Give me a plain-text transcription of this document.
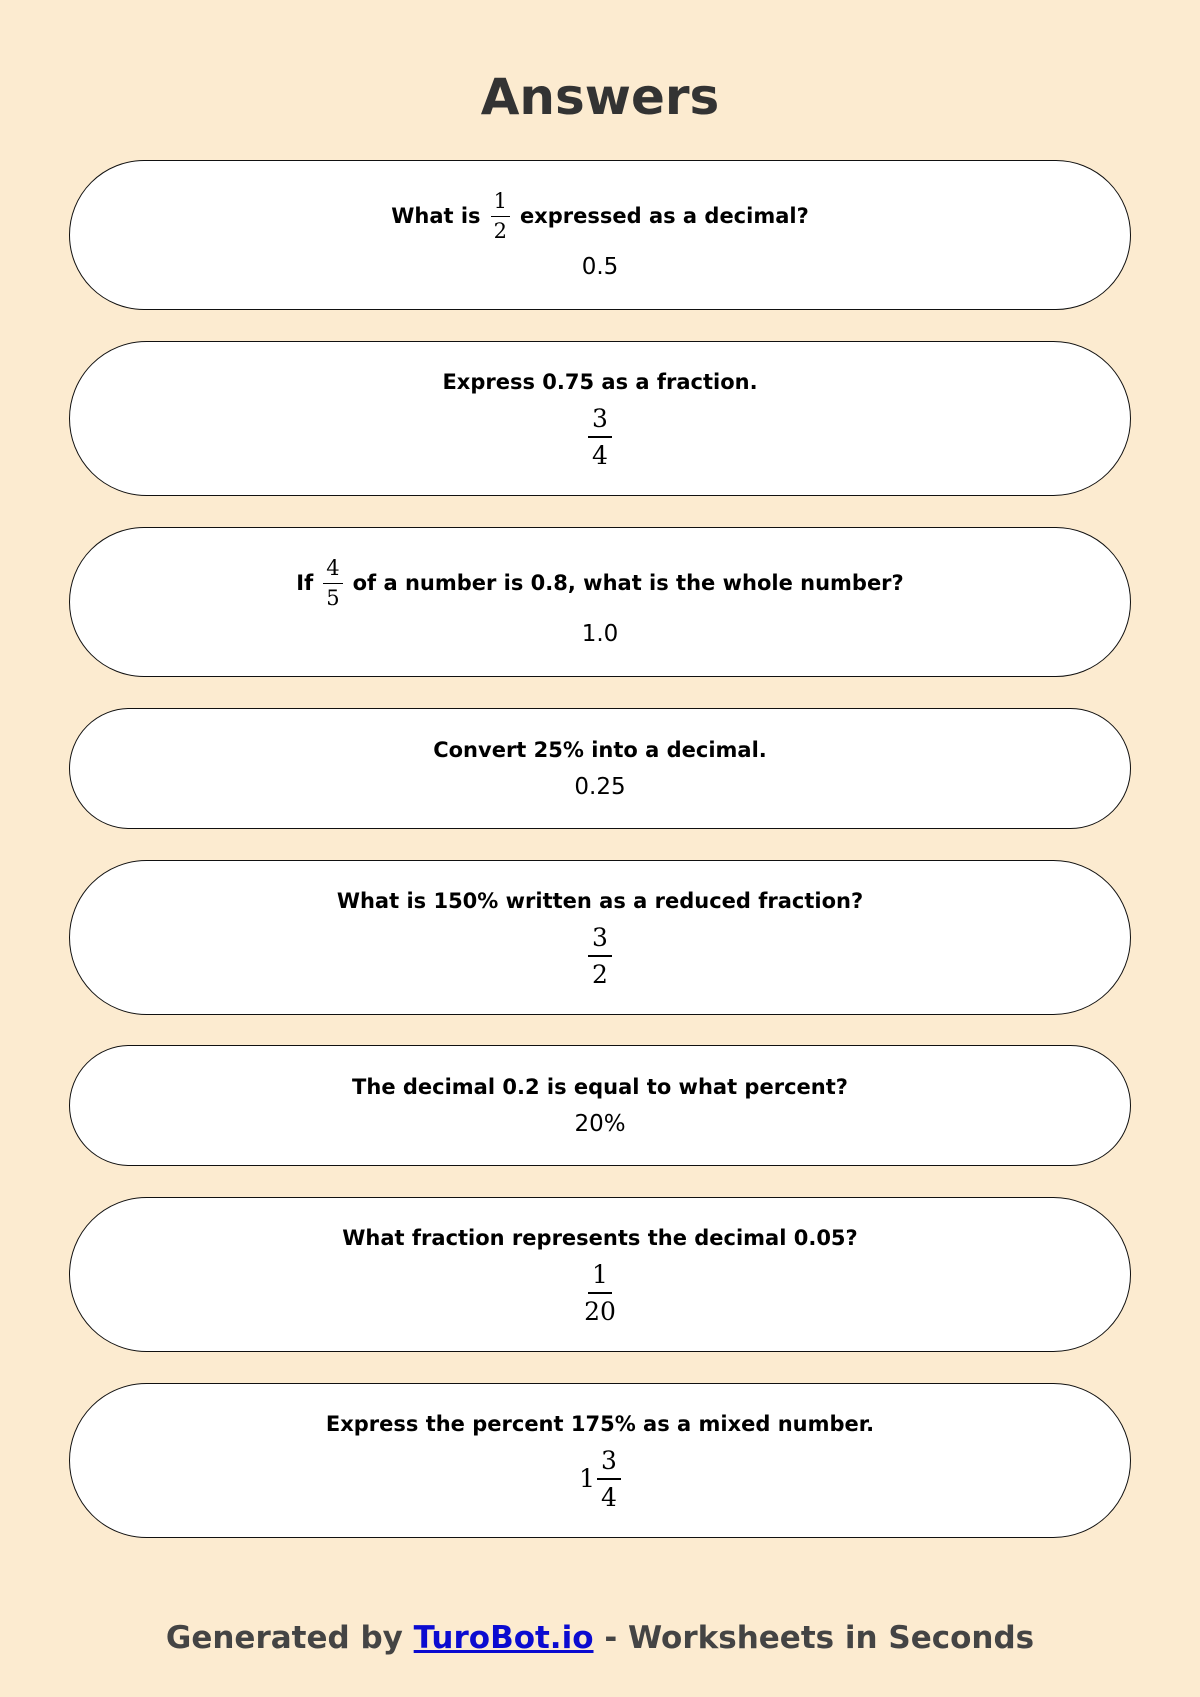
Answers
What is $\frac{1}{2}$ expressed as a decimal?
0.5
Express 0.75 as a fraction.
$\frac{3}{4}$
If $\frac{4}{5}$ of a number is 0.8, what is the whole number?
1.0
Convert 25% into a decimal.
0.25
What is 150% written as a reduced fraction?
$\frac{3}{2}$
The decimal 0.2 is equal to what percent?
20%
What fraction represents the decimal 0.05?
$\frac{1}{20}$
Express the percent 175% as a mixed number.
$1 \frac{3}{4}$
Generated by TuroBot.io - Worksheets in Seconds
